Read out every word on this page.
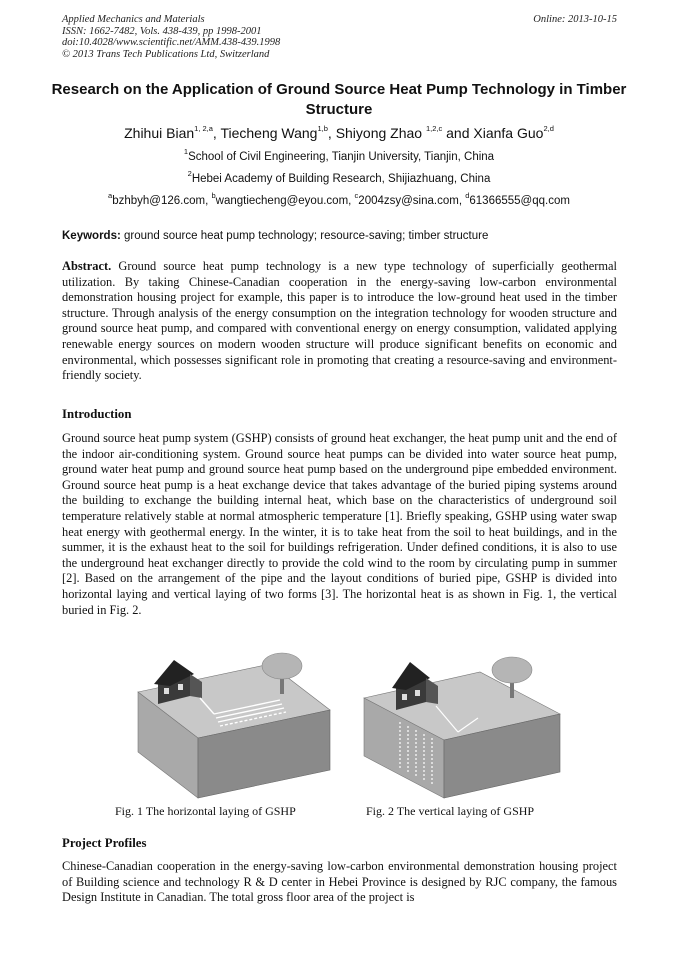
Applied Mechanics and Materials
ISSN: 1662-7482, Vols. 438-439, pp 1998-2001
doi:10.4028/www.scientific.net/AMM.438-439.1998
© 2013 Trans Tech Publications Ltd, Switzerland
Online: 2013-10-15
Research on the Application of Ground Source Heat Pump Technology in Timber Structure
Zhihui Bian$^{1, 2,a}$, Tiecheng Wang$^{1,b}$, Shiyong Zhao $^{1,2,c}$ and Xianfa Guo$^{2,d}$
$^1$School of Civil Engineering, Tianjin University, Tianjin, China
$^2$Hebei Academy of Building Research, Shijiazhuang, China
$^a$bzhbyh@126.com, $^b$wangtiecheng@eyou.com, $^c$2004zsy@sina.com, $^d$61366555@qq.com
Keywords: ground source heat pump technology; resource-saving; timber structure
Abstract. Ground source heat pump technology is a new type technology of superficially geothermal utilization. By taking Chinese-Canadian cooperation in the energy-saving low-carbon environmental demonstration housing project for example, this paper is to introduce the low-ground heat used in the timber structure. Through analysis of the energy consumption on the integration technology for wooden structure and ground source heat pump, and compared with conventional energy on energy consumption, validated applying renewable energy sources on modern wooden structure will produce significant benefits on economic and environmental, which possesses significant role in promoting that creating a resource-saving and environment-friendly society.
Introduction
Ground source heat pump system (GSHP) consists of ground heat exchanger, the heat pump unit and the end of the indoor air-conditioning system. Ground source heat pumps can be divided into water source heat pump, ground water heat pump and ground source heat pump based on the underground pipe embedded environment. Ground source heat pump is a heat exchange device that takes advantage of the buried piping systems around the building to exchange the building internal heat, which base on the characteristics of underground soil temperature relatively stable at normal atmospheric temperature [1]. Briefly speaking, GSHP using water swap heat energy with geothermal energy. In the winter, it is to take heat from the soil to heat buildings, and in the summer, it is the exhaust heat to the soil for buildings refrigeration. Under defined conditions, it is also to use the underground heat exchanger directly to provide the cold wind to the room by circulating pump in summer [2]. Based on the arrangement of the pipe and the layout conditions of buried pipe, GSHP is divided into horizontal laying and vertical laying of two forms [3]. The horizontal heat is as shown in Fig. 1, the vertical buried in Fig. 2.
Fig. 1 The horizontal laying of GSHP	Fig. 2 The vertical laying of GSHP
Project Profiles
Chinese-Canadian cooperation in the energy-saving low-carbon environmental demonstration housing project of Building science and technology R & D center in Hebei Province is designed by RJC company, the famous Design Institute in Canadian. The total gross floor area of the project is
